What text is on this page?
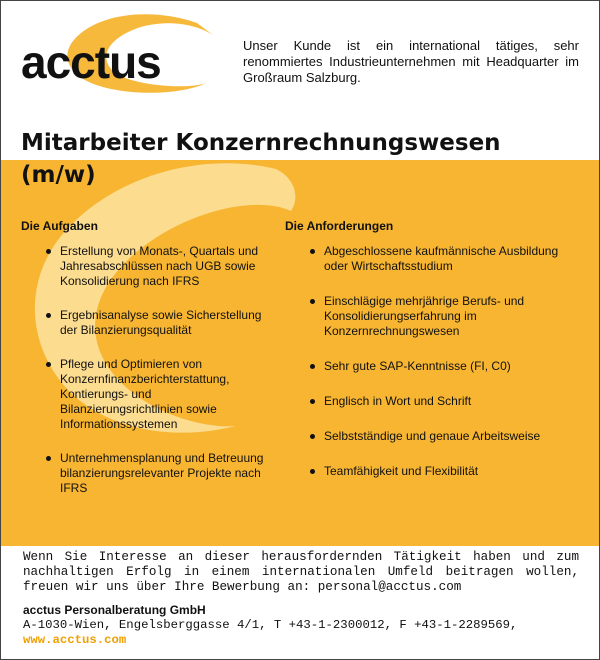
acctus	Unser Kunde ist ein international tätiges, sehr renommiertes Industrieunternehmen mit Headquarter im Großraum Salzburg.
Mitarbeiter Konzernrechnungswesen (m/w)
Die Aufgaben
Erstellung von Monats-, Quartals und Jahresabschlüssen nach UGB sowie Konsolidierung nach IFRS
Ergebnisanalyse sowie Sicherstellung der Bilanzierungsqualität
Pflege und Optimieren von Konzernfinanzberichterstattung, Kontierungs- und Bilanzierungsrichtlinien sowie Informationssystemen
Unternehmensplanung und Betreuung bilanzierungsrelevanter Projekte nach IFRS
Die Anforderungen
Abgeschlossene kaufmännische Ausbildung oder Wirtschaftsstudium
Einschlägige mehrjährige Berufs- und Konsolidierungserfahrung im Konzernrechnungswesen
Sehr gute SAP-Kenntnisse (FI, C0)
Englisch in Wort und Schrift
Selbstständige und genaue Arbeitsweise
Teamfähigkeit und Flexibilität

Wenn Sie Interesse an dieser herausfordernden Tätigkeit haben und zum nachhaltigen Erfolg in einem internationalen Umfeld beitragen wollen, freuen wir uns über Ihre Bewerbung an: personal@acctus.com

acctus Personalberatung GmbH
A-1030-Wien, Engelsberggasse 4/1, T +43-1-2300012, F +43-1-2289569, www.acctus.com
